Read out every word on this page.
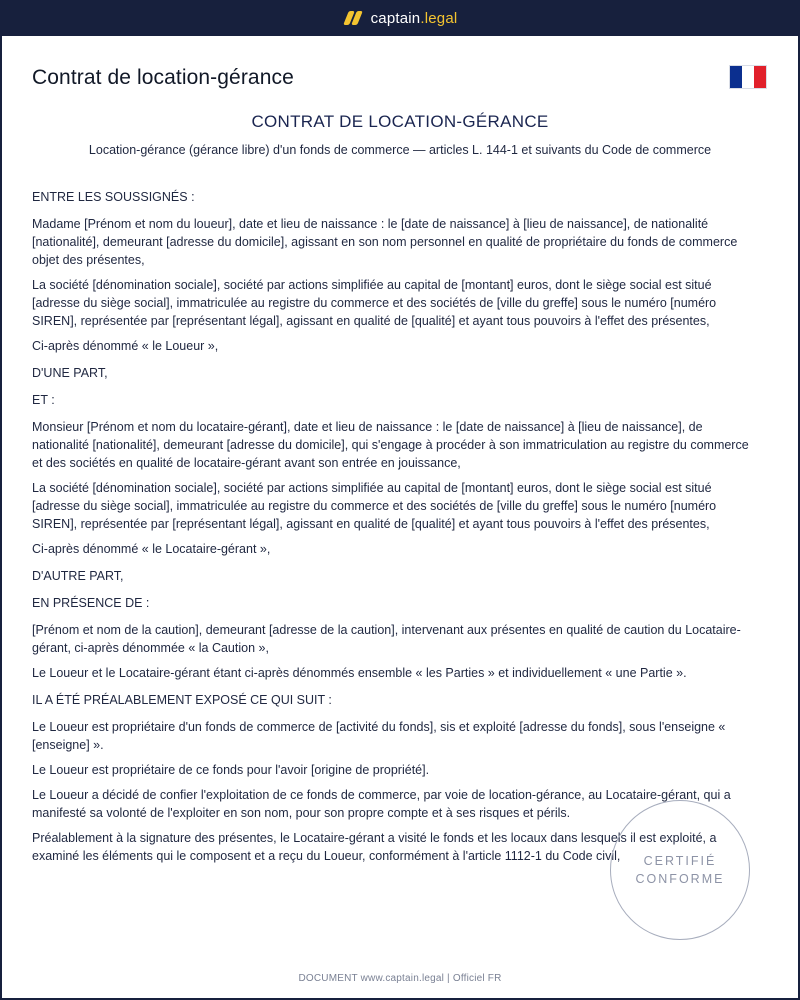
captain.legal
Contrat de location-gérance
CONTRAT DE LOCATION-GÉRANCE
Location-gérance (gérance libre) d'un fonds de commerce — articles L. 144-1 et suivants du Code de commerce

ENTRE LES SOUSSIGNÉS :

Madame [Prénom et nom du loueur], date et lieu de naissance : le [date de naissance] à [lieu de naissance], de nationalité [nationalité], demeurant [adresse du domicile], agissant en son nom personnel en qualité de propriétaire du fonds de commerce objet des présentes,

La société [dénomination sociale], société par actions simplifiée au capital de [montant] euros, dont le siège social est situé [adresse du siège social], immatriculée au registre du commerce et des sociétés de [ville du greffe] sous le numéro [numéro SIREN], représentée par [représentant légal], agissant en qualité de [qualité] et ayant tous pouvoirs à l'effet des présentes,

Ci-après dénommé « le Loueur »,

D'UNE PART,

ET :

Monsieur [Prénom et nom du locataire-gérant], date et lieu de naissance : le [date de naissance] à [lieu de naissance], de nationalité [nationalité], demeurant [adresse du domicile], qui s'engage à procéder à son immatriculation au registre du commerce et des sociétés en qualité de locataire-gérant avant son entrée en jouissance,

La société [dénomination sociale], société par actions simplifiée au capital de [montant] euros, dont le siège social est situé [adresse du siège social], immatriculée au registre du commerce et des sociétés de [ville du greffe] sous le numéro [numéro SIREN], représentée par [représentant légal], agissant en qualité de [qualité] et ayant tous pouvoirs à l'effet des présentes,

Ci-après dénommé « le Locataire-gérant »,

D'AUTRE PART,

EN PRÉSENCE DE :

[Prénom et nom de la caution], demeurant [adresse de la caution], intervenant aux présentes en qualité de caution du Locataire-gérant, ci-après dénommée « la Caution »,

Le Loueur et le Locataire-gérant étant ci-après dénommés ensemble « les Parties » et individuellement « une Partie ».

IL A ÉTÉ PRÉALABLEMENT EXPOSÉ CE QUI SUIT :

Le Loueur est propriétaire d'un fonds de commerce de [activité du fonds], sis et exploité [adresse du fonds], sous l'enseigne « [enseigne] ».

Le Loueur est propriétaire de ce fonds pour l'avoir [origine de propriété].

Le Loueur a décidé de confier l'exploitation de ce fonds de commerce, par voie de location-gérance, au Locataire-gérant, qui a manifesté sa volonté de l'exploiter en son nom, pour son propre compte et à ses risques et périls.

Préalablement à la signature des présentes, le Locataire-gérant a visité le fonds et les locaux dans lesquels il est exploité, a examiné les éléments qui le composent et a reçu du Loueur, conformément à l'article 1112-1 du Code civil,	CERTIFIÉ
CONFORME
DOCUMENT www.captain.legal | Officiel FR
